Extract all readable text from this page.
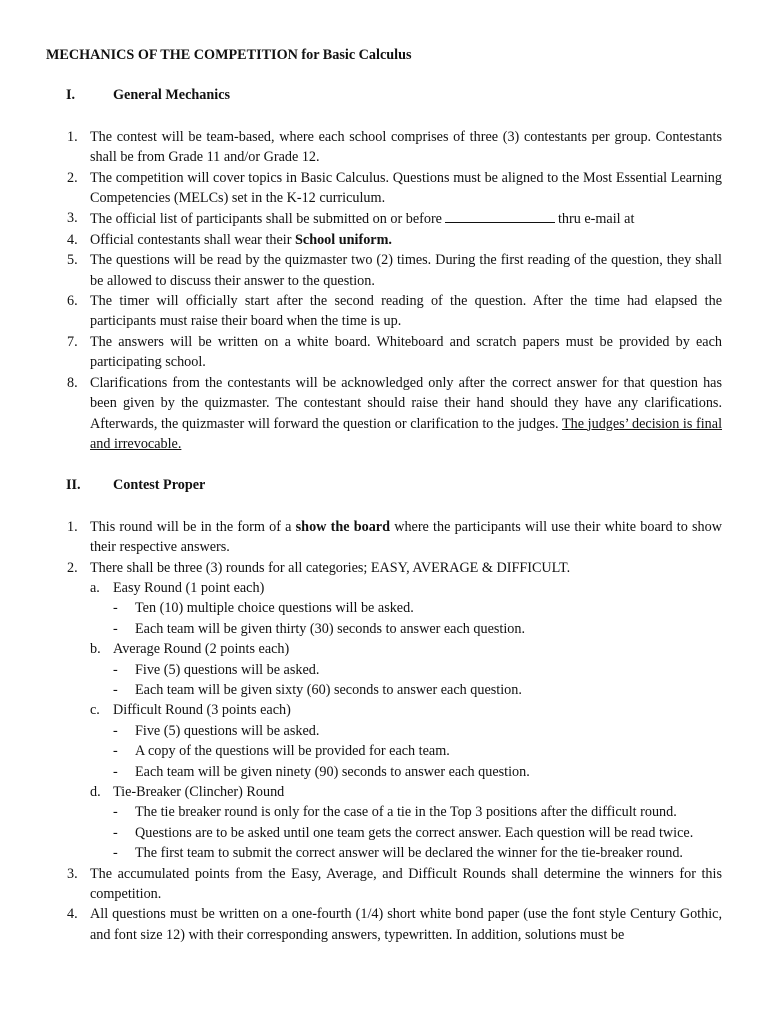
MECHANICS OF THE COMPETITION for Basic Calculus

I.	General Mechanics
1. The contest will be team-based, where each school comprises of three (3) contestants per group. Contestants shall be from Grade 11 and/or Grade 12.
2. The competition will cover topics in Basic Calculus. Questions must be aligned to the Most Essential Learning Competencies (MELCs) set in the K-12 curriculum.
3. The official list of participants shall be submitted on or before	thru e-mail at
4. Official contestants shall wear their School uniform.
5. The questions will be read by the quizmaster two (2) times. During the first reading of the question, they shall be allowed to discuss their answer to the question.
6. The timer will officially start after the second reading of the question. After the time had elapsed the participants must raise their board when the time is up.
7. The answers will be written on a white board. Whiteboard and scratch papers must be provided by each participating school.
8. Clarifications from the contestants will be acknowledged only after the correct answer for that question has been given by the quizmaster. The contestant should raise their hand should they have any clarifications. Afterwards, the quizmaster will forward the question or clarification to the judges. The judges’ decision is final and irrevocable.
II.	Contest Proper
1. This round will be in the form of a show the board where the participants will use their white board to show their respective answers.
2. There shall be three (3) rounds for all categories; EASY, AVERAGE & DIFFICULT.
a. Easy Round (1 point each)
- Ten (10) multiple choice questions will be asked.
- Each team will be given thirty (30) seconds to answer each question.
b. Average Round (2 points each)
- Five (5) questions will be asked.
- Each team will be given sixty (60) seconds to answer each question.
c. Difficult Round (3 points each)
- Five (5) questions will be asked.
- A copy of the questions will be provided for each team.
- Each team will be given ninety (90) seconds to answer each question.
d. Tie-Breaker (Clincher) Round
- The tie breaker round is only for the case of a tie in the Top 3 positions after the difficult round.
- Questions are to be asked until one team gets the correct answer. Each question will be read twice.
- The first team to submit the correct answer will be declared the winner for the tie-breaker round.
3. The accumulated points from the Easy, Average, and Difficult Rounds shall determine the winners for this competition.
4. All questions must be written on a one-fourth (1/4) short white bond paper (use the font style Century Gothic, and font size 12) with their corresponding answers, typewritten. In addition, solutions must be
